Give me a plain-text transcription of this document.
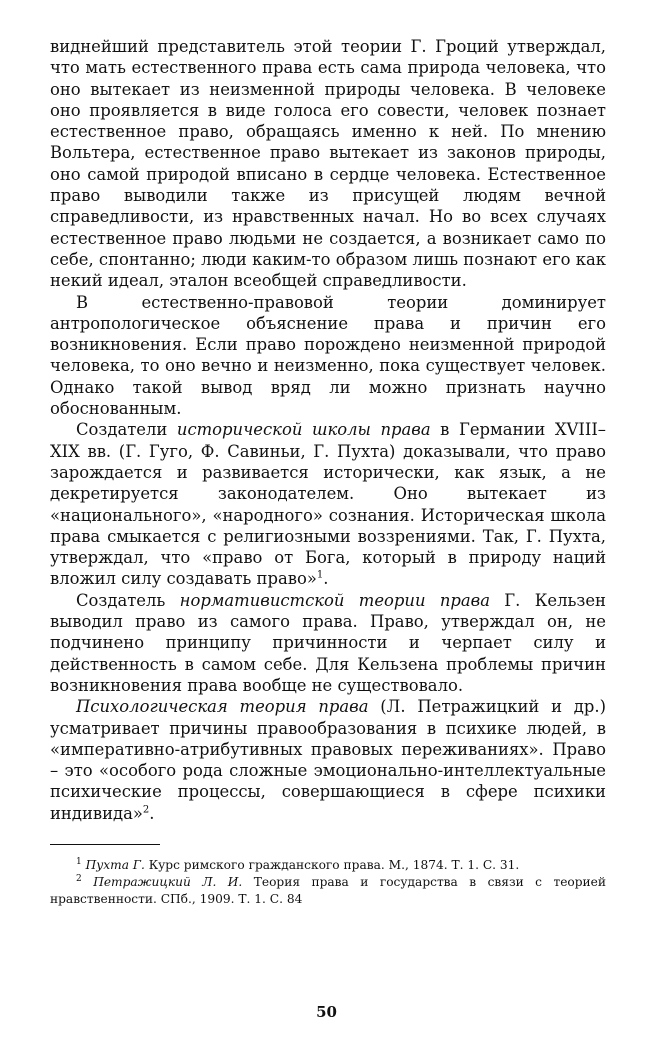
виднейший представитель этой теории Г. Гроций утверждал, что мать естественного права есть сама природа человека, что оно вытекает из неизменной природы человека. В человеке оно проявляется в виде голоса его совести, человек познает естественное право, обращаясь именно к ней. По мнению Вольтера, естественное право вытекает из законов природы, оно самой природой вписано в сердце человека. Естественное право выводили также из присущей людям вечной справедливости, из нравственных начал. Но во всех случаях естественное право людьми не создается, а возникает само по себе, спонтанно; люди каким-то образом лишь познают его как некий идеал, эталон всеобщей справедливости.

В естественно-правовой теории доминирует антропологическое объяснение права и причин его возникновения. Если право порождено неизменной природой человека, то оно вечно и неизменно, пока существует человек. Однако такой вывод вряд ли можно признать научно обоснованным.

Создатели исторической школы права в Германии XVIII–XIX вв. (Г. Гуго, Ф. Савиньи, Г. Пухта) доказывали, что право зарождается и развивается исторически, как язык, а не декретируется законодателем. Оно вытекает из «национального», «народного» сознания. Историческая школа права смыкается с религиозными воззрениями. Так, Г. Пухта, утверждал, что «право от Бога, который в природу наций вложил силу создавать право»$^1$.

Создатель нормативистской теории права Г. Кельзен выводил право из самого права. Право, утверждал он, не подчинено принципу причинности и черпает силу и действенность в самом себе. Для Кельзена проблемы причин возникновения права вообще не существовало.

Психологическая теория права (Л. Петражицкий и др.) усматривает причины правообразования в психике людей, в «императивно-атрибутивных правовых переживаниях». Право – это «особого рода сложные эмоционально-интеллектуальные психические процессы, совершающиеся в сфере психики индивида»$^2$.

$^1$ Пухта Г. Курс римского гражданского права. М., 1874. Т. 1. С. 31.

$^2$ Петражицкий Л. И. Теория права и государства в связи с теорией нравственности. СПб., 1909. Т. 1. С. 84

50
